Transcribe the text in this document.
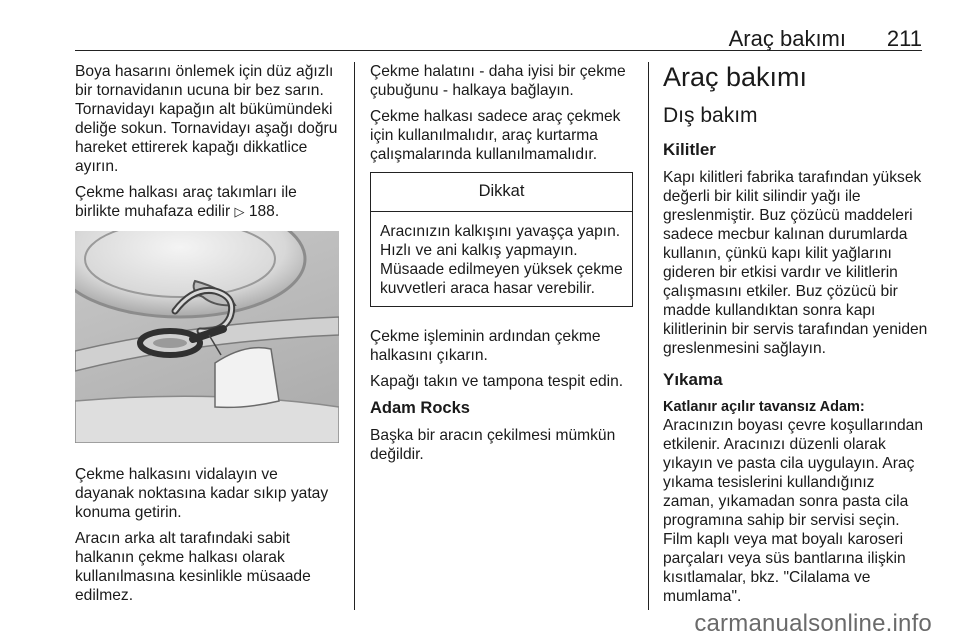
Araç bakımı 211

Boya hasarını önlemek için düz ağızlı bir tornavidanın ucuna bir bez sarın. Tornavidayı kapağın alt bükümündeki deliğe sokun. Tornavidayı aşağı doğru hareket ettirerek kapağı dikkatlice ayırın.

Çekme halkası araç takımları ile birlikte muhafaza edilir ▷ 188.

Çekme halkasını vidalayın ve dayanak noktasına kadar sıkıp yatay konuma getirin.

Aracın arka alt tarafındaki sabit halkanın çekme halkası olarak kullanılmasına kesinlikle müsaade edilmez.

Çekme halatını - daha iyisi bir çekme çubuğunu - halkaya bağlayın.

Çekme halkası sadece araç çekmek için kullanılmalıdır, araç kurtarma çalışmalarında kullanılmamalıdır.

Dikkat
Aracınızın kalkışını yavaşça yapın. Hızlı ve ani kalkış yapmayın. Müsaade edilmeyen yüksek çekme kuvvetleri araca hasar verebilir.

Çekme işleminin ardından çekme halkasını çıkarın.

Kapağı takın ve tampona tespit edin.

Adam Rocks

Başka bir aracın çekilmesi mümkün değildir.

Araç bakımı
Dış bakım
Kilitler

Kapı kilitleri fabrika tarafından yüksek değerli bir kilit silindir yağı ile greslenmiştir. Buz çözücü maddeleri sadece mecbur kalınan durumlarda kullanın, çünkü kapı kilit yağlarını gideren bir etkisi vardır ve kilitlerin çalışmasını etkiler. Buz çözücü bir madde kullandıktan sonra kapı kilitlerinin bir servis tarafından yeniden greslenmesini sağlayın.

Yıkama

Katlanır açılır tavansız Adam:
Aracınızın boyası çevre koşullarından etkilenir. Aracınızı düzenli olarak yıkayın ve pasta cila uygulayın. Araç yıkama tesislerini kullandığınız zaman, yıkamadan sonra pasta cila programına sahip bir servisi seçin. Film kaplı veya mat boyalı karoseri parçaları veya süs bantlarına ilişkin kısıtlamalar, bkz. "Cilalama ve mumlama".

carmanualsonline.info
